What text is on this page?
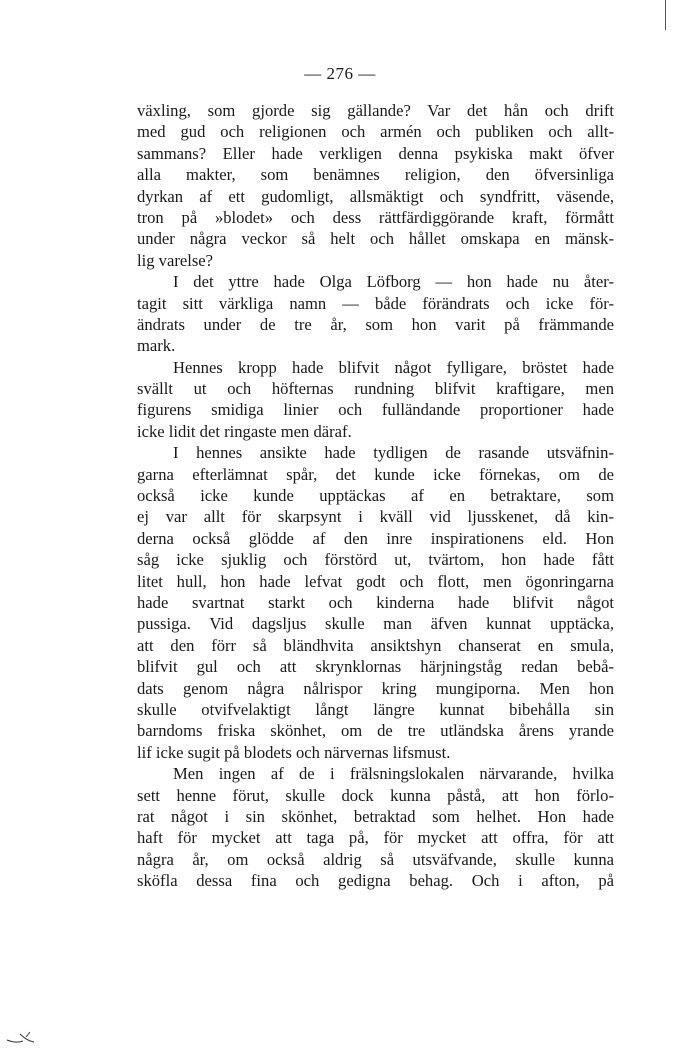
— 276 —
växling, som gjorde sig gällande? Var det hån och drift
med gud och religionen och armén och publiken och allt-
sammans? Eller hade verkligen denna psykiska makt öfver
alla makter, som benämnes religion, den öfversinliga
dyrkan af ett gudomligt, allsmäktigt och syndfritt, väsende,
tron på »blodet» och dess rättfärdiggörande kraft, förmått
under några veckor så helt och hållet omskapa en mänsk-
lig varelse?
I det yttre hade Olga Löfborg — hon hade nu åter-
tagit sitt värkliga namn — både förändrats och icke för-
ändrats under de tre år, som hon varit på främmande
mark.
Hennes kropp hade blifvit något fylligare, bröstet hade
svällt ut och höfternas rundning blifvit kraftigare, men
figurens smidiga linier och fulländande proportioner hade
icke lidit det ringaste men däraf.
I hennes ansikte hade tydligen de rasande utsväfnin-
garna efterlämnat spår, det kunde icke förnekas, om de
också icke kunde upptäckas af en betraktare, som
ej var allt för skarpsynt i kväll vid ljusskenet, då kin-
derna också glödde af den inre inspirationens eld. Hon
såg icke sjuklig och förstörd ut, tvärtom, hon hade fått
litet hull, hon hade lefvat godt och flott, men ögonringarna
hade svartnat starkt och kinderna hade blifvit något
pussiga. Vid dagsljus skulle man äfven kunnat upptäcka,
att den förr så bländhvita ansiktshyn chanserat en smula,
blifvit gul och att skrynklornas härjningståg redan bebå-
dats genom några nålrispor kring mungiporna. Men hon
skulle otvifvelaktigt långt längre kunnat bibehålla sin
barndoms friska skönhet, om de tre utländska årens yrande
lif icke sugit på blodets och närvernas lifsmust.
Men ingen af de i frälsningslokalen närvarande, hvilka
sett henne förut, skulle dock kunna påstå, att hon förlo-
rat något i sin skönhet, betraktad som helhet. Hon hade
haft för mycket att taga på, för mycket att offra, för att
några år, om också aldrig så utsväfvande, skulle kunna
sköfla dessa fina och gedigna behag. Och i afton, på
